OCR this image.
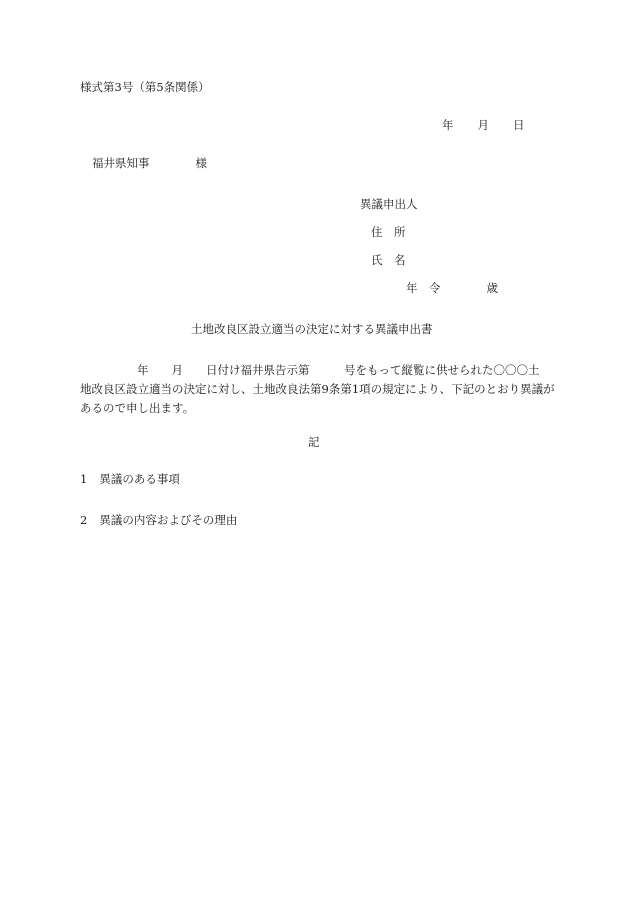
様式第3号（第5条関係）
年 月 日
福井県知事	様
異議申出人
住　所
氏　名
年　令	歳
土地改良区設立適当の決定に対する異議申出書
年　　月　　日付け福井県告示第　　　号をもって縦覧に供せられた〇〇〇土
地改良区設立適当の決定に対し、土地改良法第9条第1項の規定により、下記のとおり異議が
あるので申し出ます。
記
1 異議のある事項
2 異議の内容およびその理由
